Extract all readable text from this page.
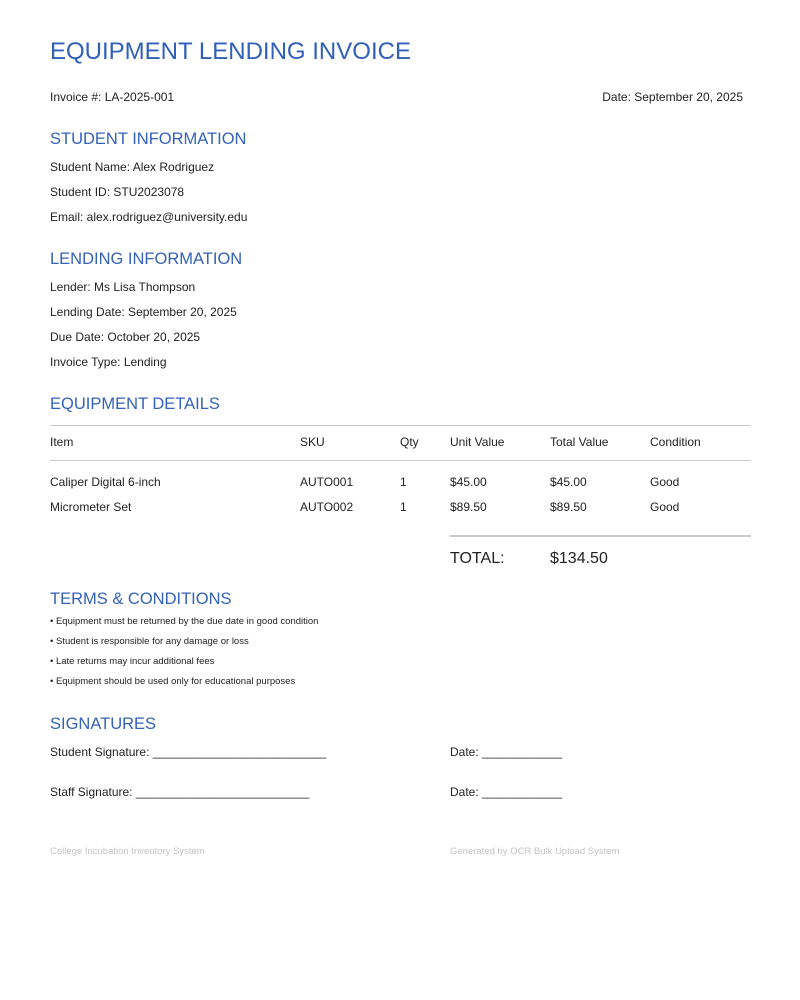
EQUIPMENT LENDING INVOICE
Invoice #: LA-2025-001	Date: September 20, 2025
STUDENT INFORMATION
Student Name: Alex Rodriguez
Student ID: STU2023078
Email: alex.rodriguez@university.edu
LENDING INFORMATION
Lender: Ms Lisa Thompson
Lending Date: September 20, 2025
Due Date: October 20, 2025
Invoice Type: Lending
EQUIPMENT DETAILS
Item	SKU	Qty	Unit Value	Total Value	Condition
Caliper Digital 6-inch	AUTO001	1	$45.00	$45.00	Good
Micrometer Set	AUTO002	1	$89.50	$89.50	Good
TOTAL:	$134.50
TERMS & CONDITIONS
• Equipment must be returned by the due date in good condition
• Student is responsible for any damage or loss
• Late returns may incur additional fees
• Equipment should be used only for educational purposes
SIGNATURES
Student Signature: __________________________	Date: ____________
Staff Signature: __________________________	Date: ____________
College Incubation Inventory System	Generated by OCR Bulk Upload System
